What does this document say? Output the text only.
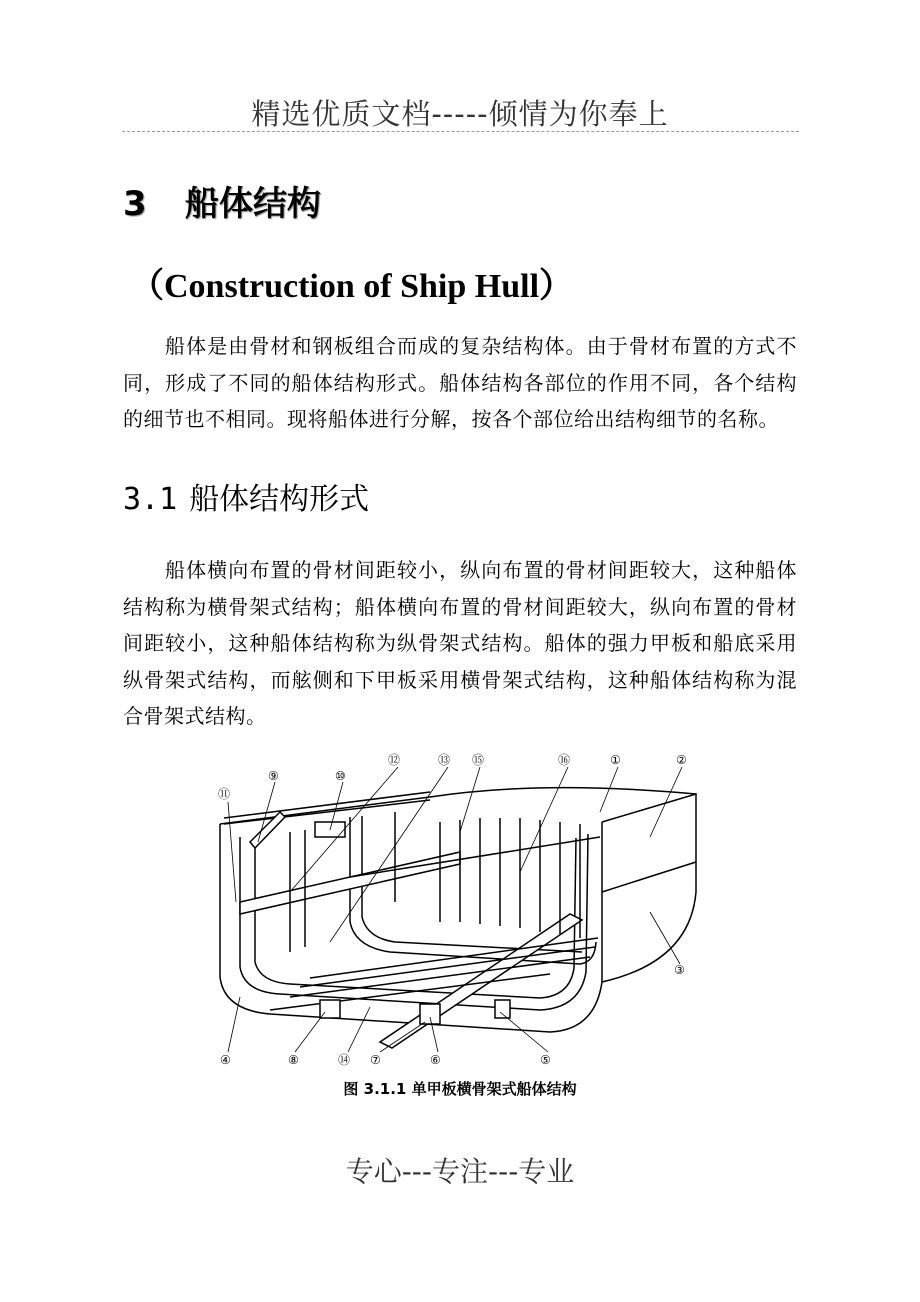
精选优质文档-----倾情为你奉上
3 船体结构
（Construction of Ship Hull）

船体是由骨材和钢板组合而成的复杂结构体。由于骨材布置的方式不同，形成了不同的船体结构形式。船体结构各部位的作用不同，各个结构的细节也不相同。现将船体进行分解，按各个部位给出结构细节的名称。

3.1 船体结构形式

船体横向布置的骨材间距较小，纵向布置的骨材间距较大，这种船体结构称为横骨架式结构；船体横向布置的骨材间距较大，纵向布置的骨材间距较小，这种船体结构称为纵骨架式结构。船体的强力甲板和船底采用纵骨架式结构，而舷侧和下甲板采用横骨架式结构，这种船体结构称为混合骨架式结构。

⑫	⑬ ⑮	⑯	①	②
⑨	⑩
⑪
③
④	⑧	⑭ ⑦	⑥	⑤
图 3.1.1 单甲板横骨架式船体结构
专心---专注---专业
